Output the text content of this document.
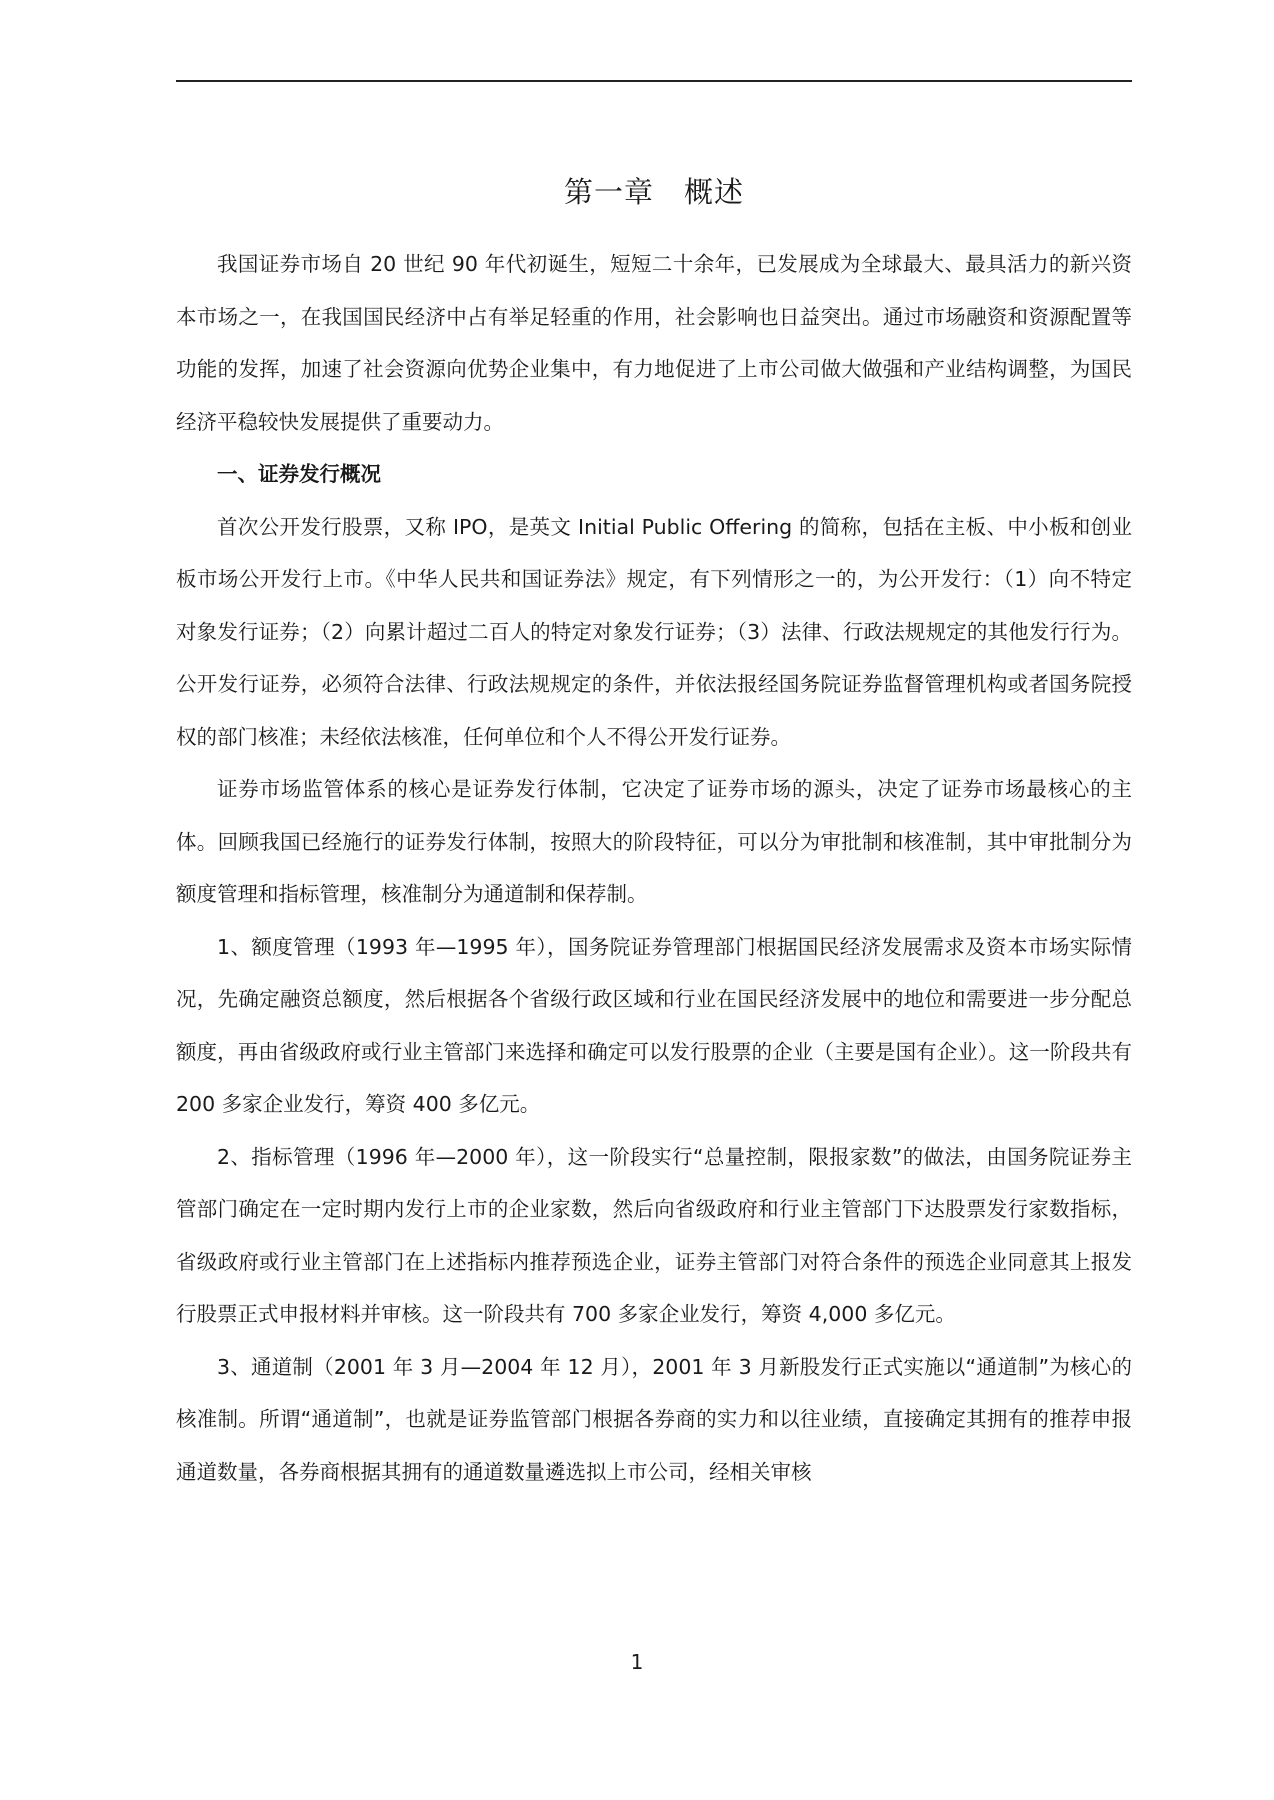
第一章　概述

我国证券市场自 20 世纪 90 年代初诞生，短短二十余年，已发展成为全球最大、最具活力的新兴资本市场之一，在我国国民经济中占有举足轻重的作用，社会影响也日益突出。通过市场融资和资源配置等功能的发挥，加速了社会资源向优势企业集中，有力地促进了上市公司做大做强和产业结构调整，为国民经济平稳较快发展提供了重要动力。

一、证券发行概况

首次公开发行股票，又称 IPO，是英文 Initial Public Offering 的简称，包括在主板、中小板和创业板市场公开发行上市。《中华人民共和国证券法》规定，有下列情形之一的，为公开发行：（1）向不特定对象发行证券；（2）向累计超过二百人的特定对象发行证券；（3）法律、行政法规规定的其他发行行为。公开发行证券，必须符合法律、行政法规规定的条件，并依法报经国务院证券监督管理机构或者国务院授权的部门核准；未经依法核准，任何单位和个人不得公开发行证券。

证券市场监管体系的核心是证券发行体制，它决定了证券市场的源头，决定了证券市场最核心的主体。回顾我国已经施行的证券发行体制，按照大的阶段特征，可以分为审批制和核准制，其中审批制分为额度管理和指标管理，核准制分为通道制和保荐制。

1、额度管理（1993 年—1995 年），国务院证券管理部门根据国民经济发展需求及资本市场实际情况，先确定融资总额度，然后根据各个省级行政区域和行业在国民经济发展中的地位和需要进一步分配总额度，再由省级政府或行业主管部门来选择和确定可以发行股票的企业（主要是国有企业）。这一阶段共有 200 多家企业发行，筹资 400 多亿元。

2、指标管理（1996 年—2000 年），这一阶段实行“总量控制，限报家数”的做法，由国务院证券主管部门确定在一定时期内发行上市的企业家数，然后向省级政府和行业主管部门下达股票发行家数指标，省级政府或行业主管部门在上述指标内推荐预选企业，证券主管部门对符合条件的预选企业同意其上报发行股票正式申报材料并审核。这一阶段共有 700 多家企业发行，筹资 4,000 多亿元。

3、通道制（2001 年 3 月—2004 年 12 月），2001 年 3 月新股发行正式实施以“通道制”为核心的核准制。所谓“通道制”，也就是证券监管部门根据各券商的实力和以往业绩，直接确定其拥有的推荐申报通道数量，各券商根据其拥有的通道数量遴选拟上市公司，经相关审核

1
